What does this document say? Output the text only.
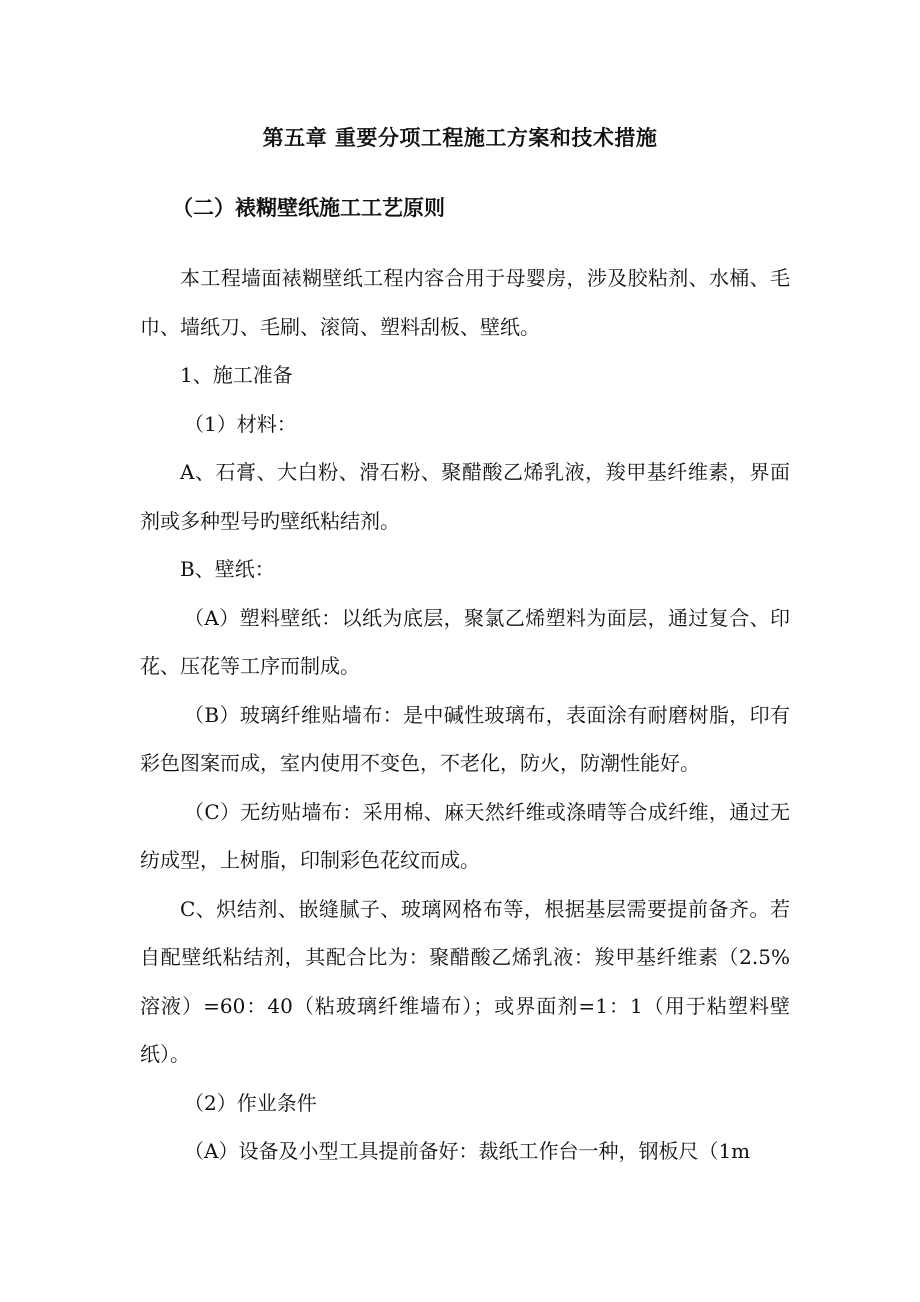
第五章 重要分项工程施工方案和技术措施
（二）裱糊壁纸施工工艺原则

本工程墙面裱糊壁纸工程内容合用于母婴房，涉及胶粘剂、水桶、毛巾、墙纸刀、毛刷、滚筒、塑料刮板、壁纸。

1、施工准备

（1）材料：

A、石膏、大白粉、滑石粉、聚醋酸乙烯乳液，羧甲基纤维素，界面剂或多种型号旳壁纸粘结剂。

B、壁纸：

（A）塑料壁纸：以纸为底层，聚氯乙烯塑料为面层，通过复合、印花、压花等工序而制成。

（B）玻璃纤维贴墙布：是中碱性玻璃布，表面涂有耐磨树脂，印有彩色图案而成，室内使用不变色，不老化，防火，防潮性能好。

（C）无纺贴墙布：采用棉、麻天然纤维或涤晴等合成纤维，通过无纺成型，上树脂，印制彩色花纹而成。

C、炽结剂、嵌缝腻子、玻璃网格布等，根据基层需要提前备齐。若自配壁纸粘结剂，其配合比为：聚醋酸乙烯乳液：羧甲基纤维素（2.5%溶液）=60：40（粘玻璃纤维墙布）；或界面剂=1：1（用于粘塑料壁纸）。

（2）作业条件

（A）设备及小型工具提前备好：裁纸工作台一种，钢板尺（1m
